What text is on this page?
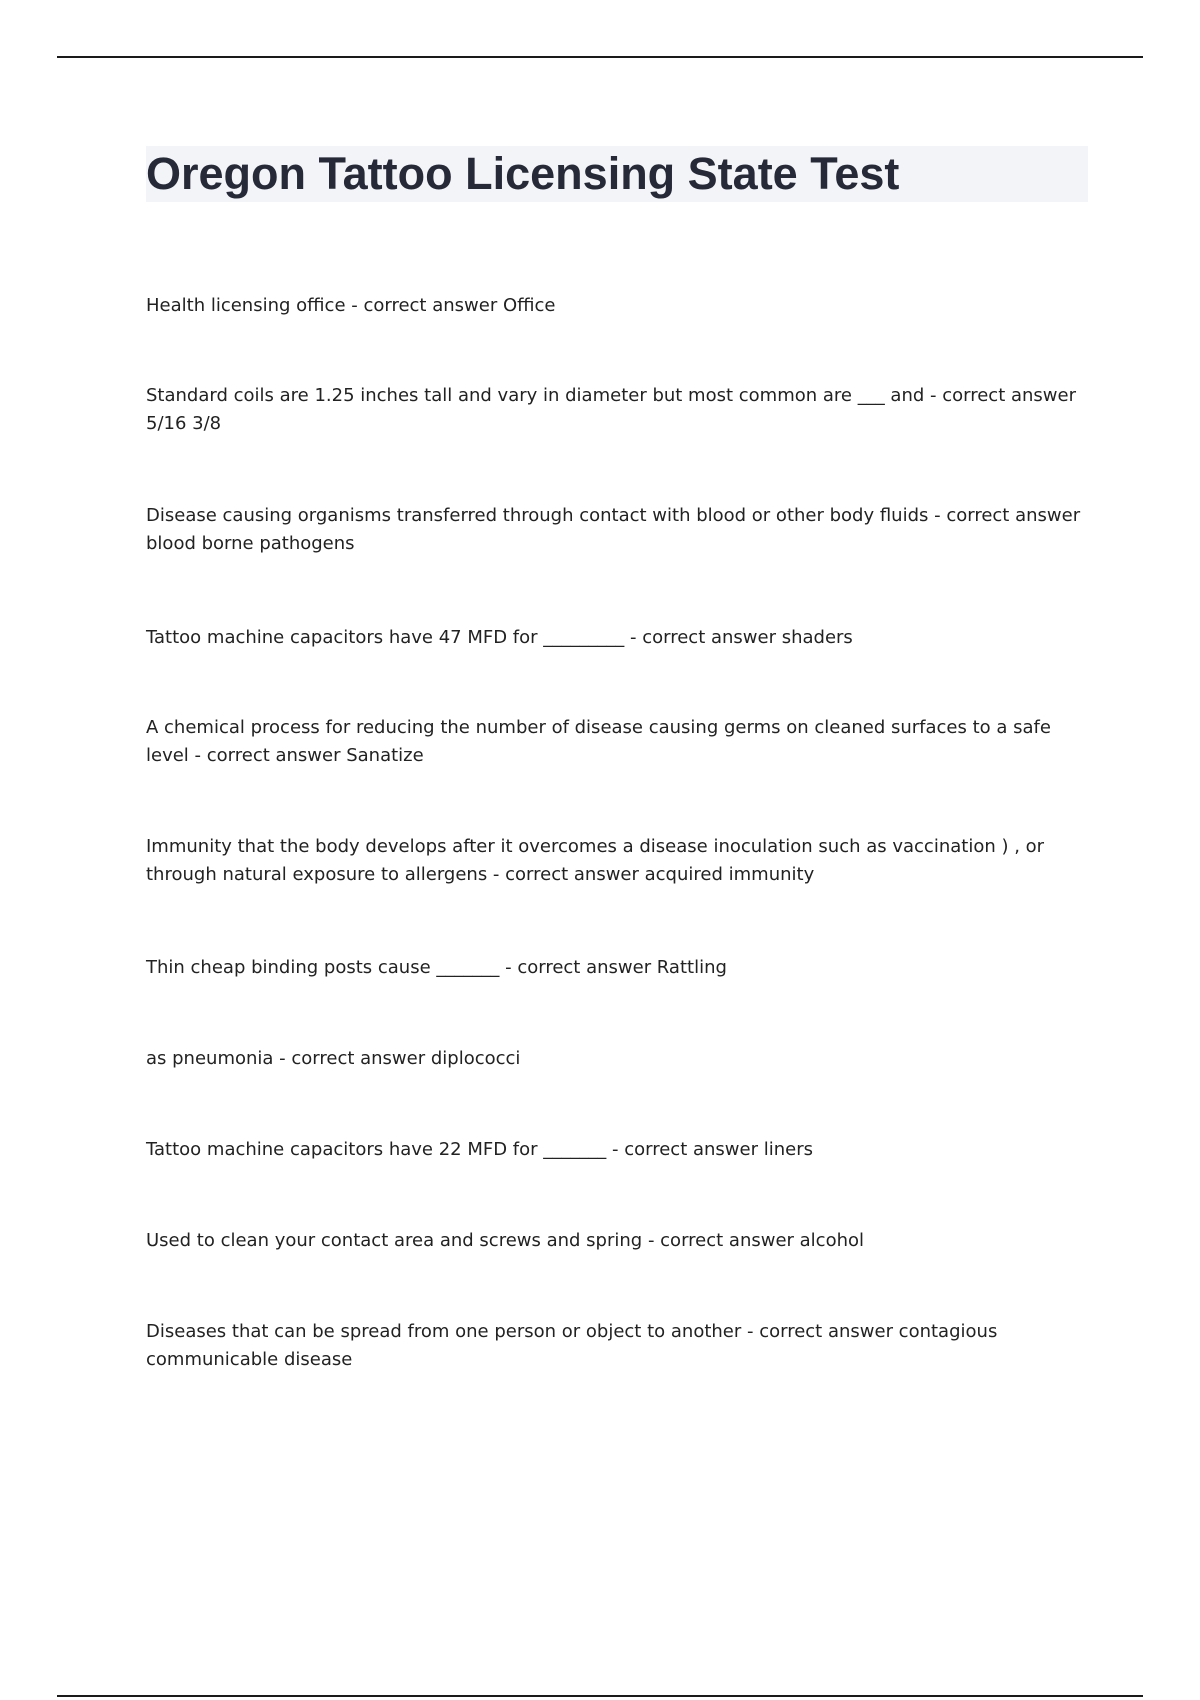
Oregon Tattoo Licensing State Test

Health licensing office - correct answer Office

Standard coils are 1.25 inches tall and vary in diameter but most common are ___ and - correct answer 5/16 3/8

Disease causing organisms transferred through contact with blood or other body fluids - correct answer blood borne pathogens

Tattoo machine capacitors have 47 MFD for _________ - correct answer shaders

A chemical process for reducing the number of disease causing germs on cleaned surfaces to a safe level - correct answer Sanatize

Immunity that the body develops after it overcomes a disease inoculation such as vaccination ) , or through natural exposure to allergens - correct answer acquired immunity

Thin cheap binding posts cause _______ - correct answer Rattling

as pneumonia - correct answer diplococci

Tattoo machine capacitors have 22 MFD for _______ - correct answer liners

Used to clean your contact area and screws and spring - correct answer alcohol

Diseases that can be spread from one person or object to another - correct answer contagious communicable disease
